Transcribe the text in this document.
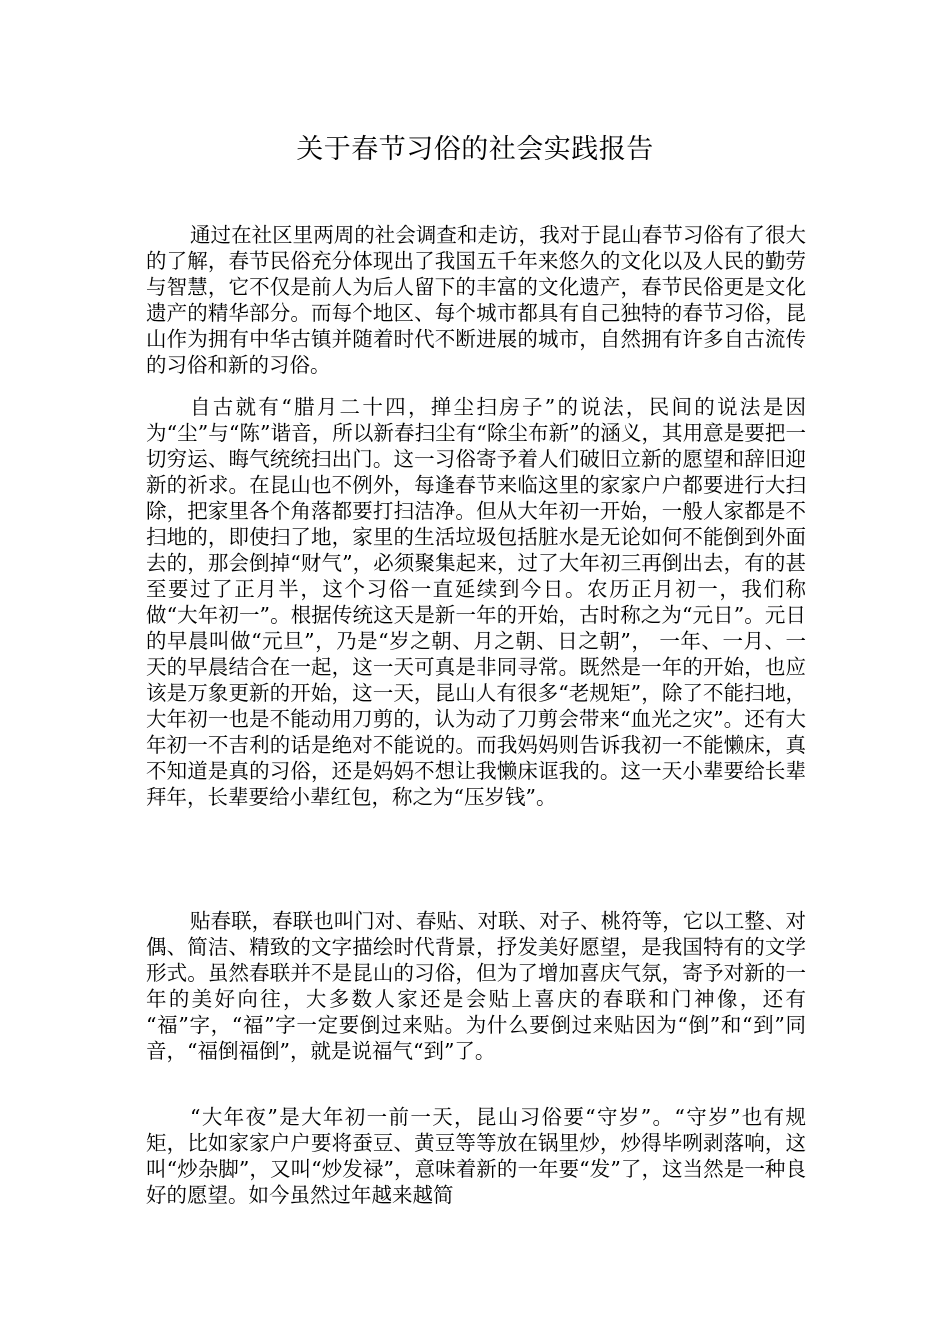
关于春节习俗的社会实践报告

通过在社区里两周的社会调查和走访，我对于昆山春节习俗有了很大的了解，春节民俗充分体现出了我国五千年来悠久的文化以及人民的勤劳与智慧，它不仅是前人为后人留下的丰富的文化遗产，春节民俗更是文化遗产的精华部分。而每个地区、每个城市都具有自己独特的春节习俗，昆山作为拥有中华古镇并随着时代不断进展的城市，自然拥有许多自古流传的习俗和新的习俗。

自古就有“腊月二十四，掸尘扫房子”的说法，民间的说法是因为“尘”与“陈”谐音，所以新春扫尘有“除尘布新”的涵义，其用意是要把一切穷运、晦气统统扫出门。这一习俗寄予着人们破旧立新的愿望和辞旧迎新的祈求。在昆山也不例外，每逢春节来临这里的家家户户都要进行大扫除，把家里各个角落都要打扫洁净。但从大年初一开始，一般人家都是不扫地的，即使扫了地，家里的生活垃圾包括脏水是无论如何不能倒到外面去的，那会倒掉“财气”，必须聚集起来，过了大年初三再倒出去，有的甚至要过了正月半，这个习俗一直延续到今日。农历正月初一，我们称做“大年初一”。根据传统这天是新一年的开始，古时称之为“元日”。元日的早晨叫做“元旦”，乃是“岁之朝、月之朝、日之朝”， 一年、一月、一天的早晨结合在一起，这一天可真是非同寻常。既然是一年的开始，也应该是万象更新的开始，这一天，昆山人有很多“老规矩”，除了不能扫地，大年初一也是不能动用刀剪的，认为动了刀剪会带来“血光之灾”。还有大年初一不吉利的话是绝对不能说的。而我妈妈则告诉我初一不能懒床，真不知道是真的习俗，还是妈妈不想让我懒床诓我的。这一天小辈要给长辈拜年，长辈要给小辈红包，称之为“压岁钱”。

贴春联，春联也叫门对、春贴、对联、对子、桃符等，它以工整、对偶、简洁、精致的文字描绘时代背景，抒发美好愿望，是我国特有的文学形式。虽然春联并不是昆山的习俗，但为了增加喜庆气氛，寄予对新的一年的美好向往，大多数人家还是会贴上喜庆的春联和门神像，还有 “福”字，“福”字一定要倒过来贴。为什么要倒过来贴因为“倒”和“到”同音，“福倒福倒”，就是说福气“到”了。

“大年夜”是大年初一前一天，昆山习俗要“守岁”。“守岁”也有规矩，比如家家户户要将蚕豆、黄豆等等放在锅里炒，炒得毕咧剥落响，这叫“炒杂脚”，又叫“炒发禄”，意味着新的一年要“发”了，这当然是一种良好的愿望。如今虽然过年越来越简
